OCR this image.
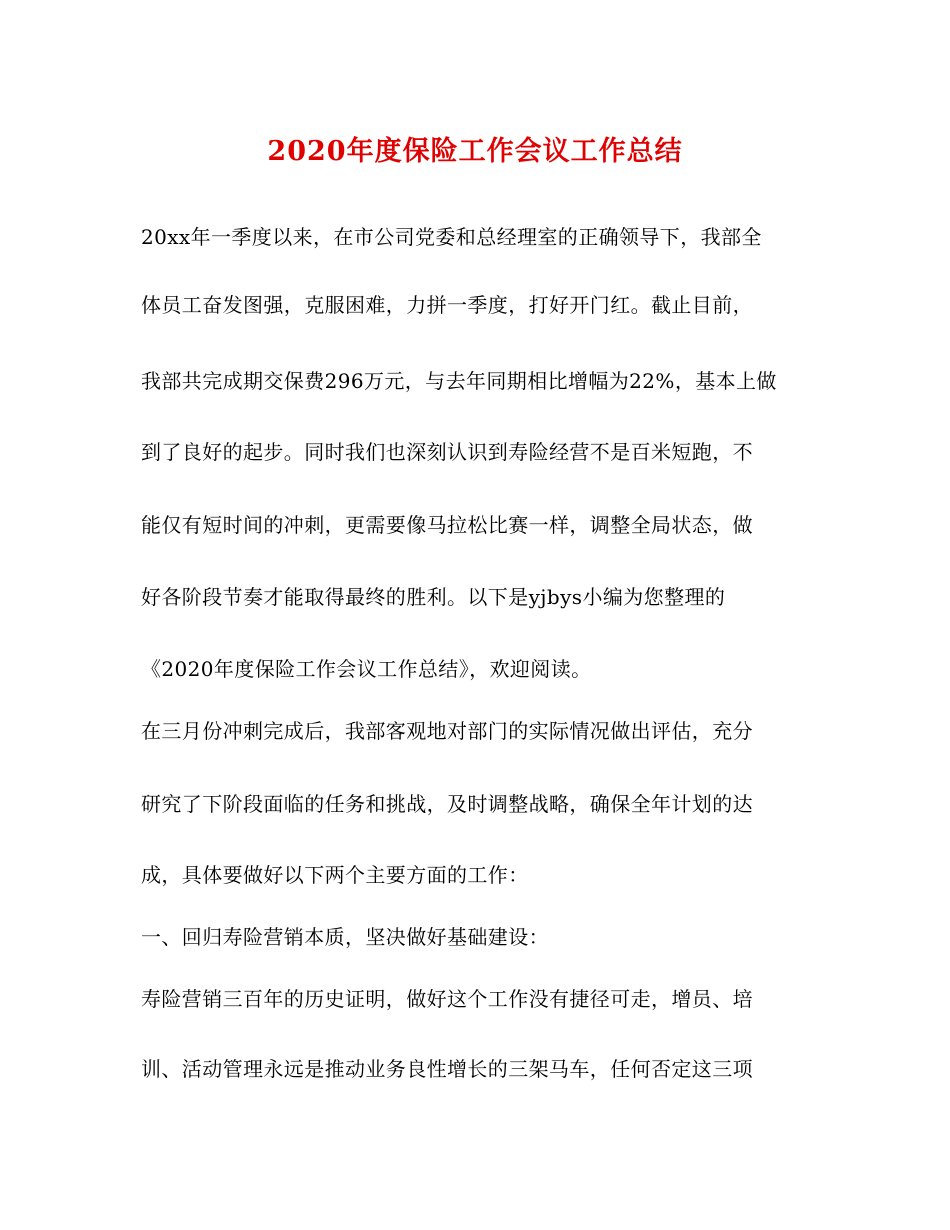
2020年度保险工作会议工作总结
20xx年一季度以来，在市公司党委和总经理室的正确领导下，我部全
体员工奋发图强，克服困难，力拼一季度，打好开门红。截止目前，
我部共完成期交保费296万元，与去年同期相比增幅为22%，基本上做
到了良好的起步。同时我们也深刻认识到寿险经营不是百米短跑，不
能仅有短时间的冲刺，更需要像马拉松比赛一样，调整全局状态，做
好各阶段节奏才能取得最终的胜利。以下是yjbys小编为您整理的
《2020年度保险工作会议工作总结》，欢迎阅读。
在三月份冲刺完成后，我部客观地对部门的实际情况做出评估，充分
研究了下阶段面临的任务和挑战，及时调整战略，确保全年计划的达
成，具体要做好以下两个主要方面的工作：
一、回归寿险营销本质，坚决做好基础建设：
寿险营销三百年的历史证明，做好这个工作没有捷径可走，增员、培
训、活动管理永远是推动业务良性增长的三架马车，任何否定这三项
